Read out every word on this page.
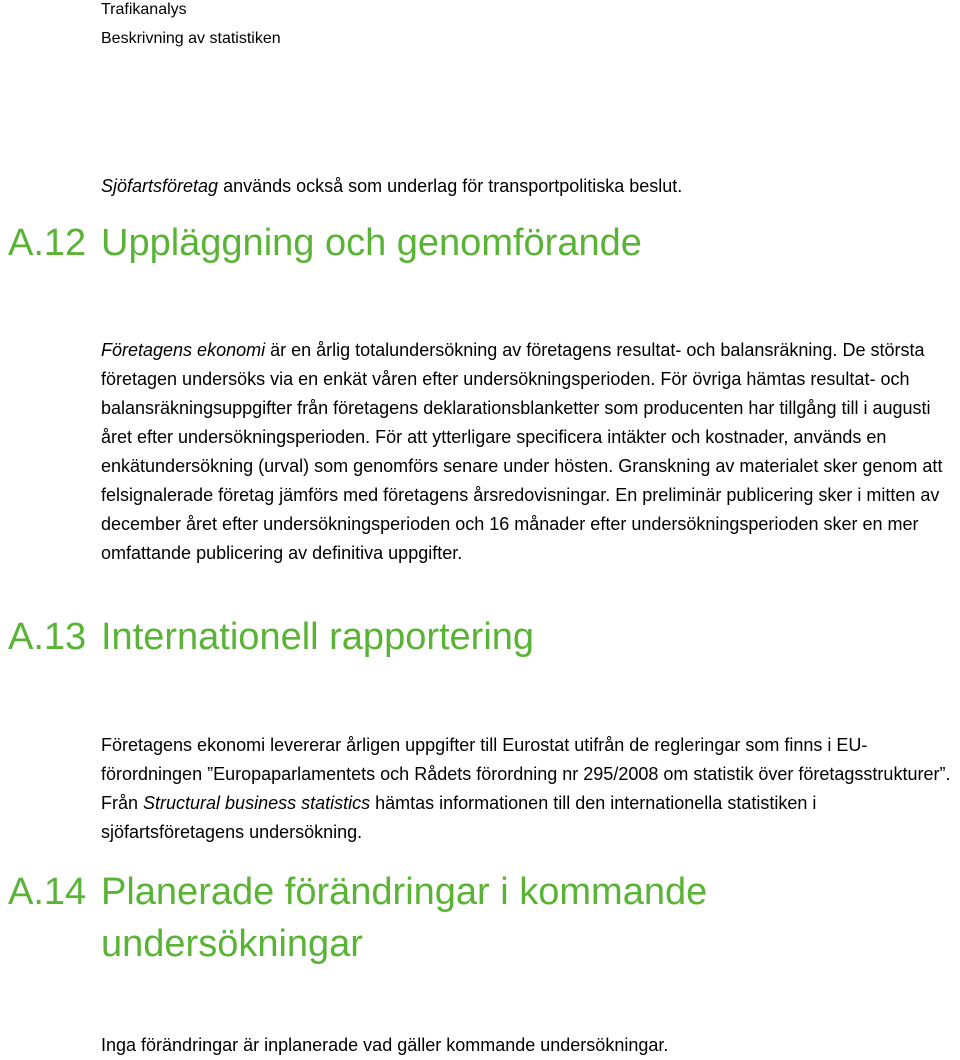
Trafikanalys

Beskrivning av statistiken

Sjöfartsföretag används också som underlag för transportpolitiska beslut.

A.12 Uppläggning och genomförande

Företagens ekonomi är en årlig totalundersökning av företagens resultat- och balansräkning. De största företagen undersöks via en enkät våren efter undersökningsperioden. För övriga hämtas resultat- och balansräkningsuppgifter från företagens deklarationsblanketter som producenten har tillgång till i augusti året efter undersökningsperioden. För att ytterligare specificera intäkter och kostnader, används en enkätundersökning (urval) som genomförs senare under hösten. Granskning av materialet sker genom att felsignalerade företag jämförs med företagens årsredovisningar. En preliminär publicering sker i mitten av december året efter undersökningsperioden och 16 månader efter undersökningsperioden sker en mer omfattande publicering av definitiva uppgifter.

A.13 Internationell rapportering

Företagens ekonomi levererar årligen uppgifter till Eurostat utifrån de regleringar som finns i EU-förordningen ”Europaparlamentets och Rådets förordning nr 295/2008 om statistik över företagsstrukturer”. Från Structural business statistics hämtas informationen till den internationella statistiken i sjöfartsföretagens undersökning.

A.14 Planerade förändringar i kommande
undersökningar

Inga förändringar är inplanerade vad gäller kommande undersökningar.
